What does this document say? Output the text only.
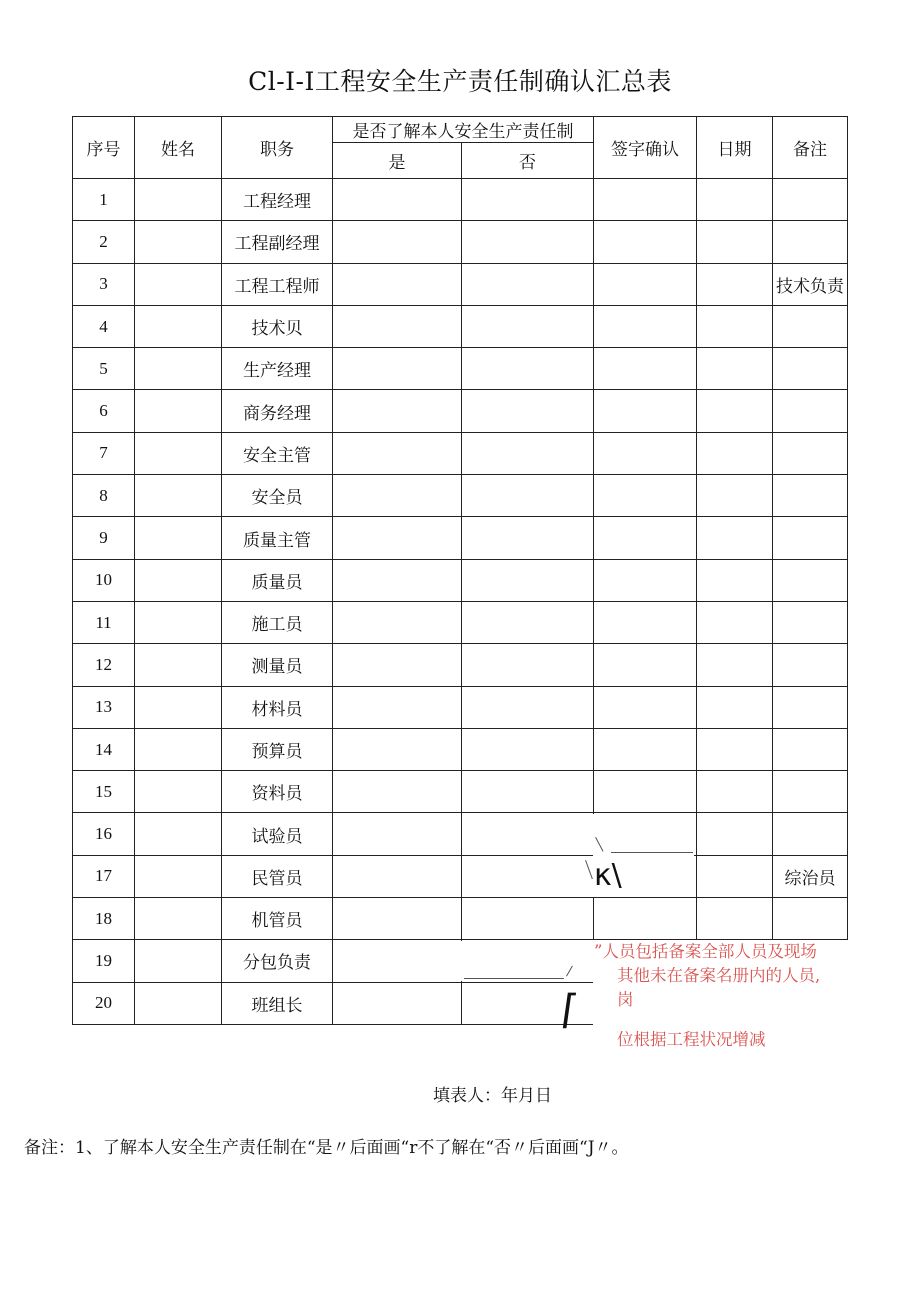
Cl-I-I工程安全生产责任制确认汇总表
序号	姓名	职务	是否了解本人安全生产责任制		签字确认	日期	备注
			是	否			
1		工程经理					
2		工程副经理					
3		工程工程师					技术负责
4		技术贝					
5		生产经理					
6		商务经理					
7		安全主管					
8		安全员					
9		质量主管					
10		质量员					
11		施工员					
12		测量员					
13		材料员					
14		预算员					
15		资料员					
16		试验员					
17		民管员					综治员
18		机管员					
19		分包负责					
20		班组长					
κ\
⌈
”人员包括备案全部人员及现场
其他未在备案名册内的人员,
岗
位根据工程状况增减
填表人：年月日
备注：1、了解本人安全生产责任制在“是〃后面画“r不了解在“否〃后面画“J〃。
